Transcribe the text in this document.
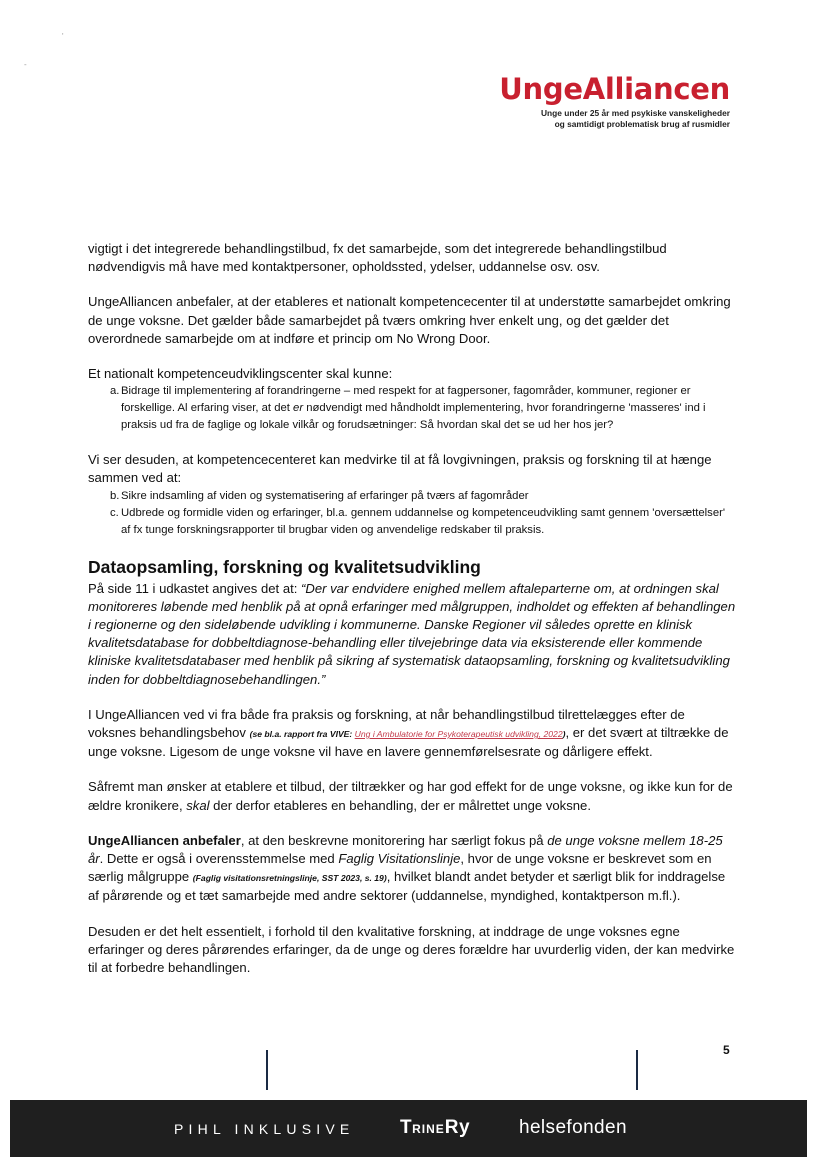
'
-
UngeAlliancen
Unge under 25 år med psykiske vanskeligheder
og samtidigt problematisk brug af rusmidler

vigtigt i det integrerede behandlingstilbud, fx det samarbejde, som det integrerede behandlingstilbud nødvendigvis må have med kontaktpersoner, opholdssted, ydelser, uddannelse osv. osv.

UngeAlliancen anbefaler, at der etableres et nationalt kompetencecenter til at understøtte samarbejdet omkring de unge voksne. Det gælder både samarbejdet på tværs omkring hver enkelt ung, og det gælder det overordnede samarbejde om at indføre et princip om No Wrong Door.

Et nationalt kompetenceudviklingscenter skal kunne:

a. Bidrage til implementering af forandringerne – med respekt for at fagpersoner, fagområder, kommuner, regioner er forskellige. Al erfaring viser, at det er nødvendigt med håndholdt implementering, hvor forandringerne 'masseres' ind i praksis ud fra de faglige og lokale vilkår og forudsætninger: Så hvordan skal det se ud her hos jer?

Vi ser desuden, at kompetencecenteret kan medvirke til at få lovgivningen, praksis og forskning til at hænge sammen ved at:

b. Sikre indsamling af viden og systematisering af erfaringer på tværs af fagområder
c. Udbrede og formidle viden og erfaringer, bl.a. gennem uddannelse og kompetenceudvikling samt gennem 'oversættelser' af fx tunge forskningsrapporter til brugbar viden og anvendelige redskaber til praksis.
Dataopsamling, forskning og kvalitetsudvikling

På side 11 i udkastet angives det at: “Der var endvidere enighed mellem aftaleparterne om, at ordningen skal monitoreres løbende med henblik på at opnå erfaringer med målgruppen, indholdet og effekten af behandlingen i regionerne og den sideløbende udvikling i kommunerne. Danske Regioner vil således oprette en klinisk kvalitetsdatabase for dobbeltdiagnose-behandling eller tilvejebringe data via eksisterende eller kommende kliniske kvalitetsdatabaser med henblik på sikring af systematisk dataopsamling, forskning og kvalitetsudvikling inden for dobbeltdiagnosebehandlingen.”

I UngeAlliancen ved vi fra både fra praksis og forskning, at når behandlingstilbud tilrettelægges efter de voksnes behandlingsbehov (se bl.a. rapport fra VIVE: Ung i Ambulatorie for Psykoterapeutisk udvikling, 2022), er det svært at tiltrække de unge voksne. Ligesom de unge voksne vil have en lavere gennemførelsesrate og dårligere effekt.

Såfremt man ønsker at etablere et tilbud, der tiltrækker og har god effekt for de unge voksne, og ikke kun for de ældre kronikere, skal der derfor etableres en behandling, der er målrettet unge voksne.

UngeAlliancen anbefaler, at den beskrevne monitorering har særligt fokus på de unge voksne mellem 18-25 år. Dette er også i overensstemmelse med Faglig Visitationslinje, hvor de unge voksne er beskrevet som en særlig målgruppe (Faglig visitationsretningslinje, SST 2023, s. 19), hvilket blandt andet betyder et særligt blik for inddragelse af pårørende og et tæt samarbejde med andre sektorer (uddannelse, myndighed, kontaktperson m.fl.).

Desuden er det helt essentielt, i forhold til den kvalitative forskning, at inddrage de unge voksnes egne erfaringer og deres pårørendes erfaringer, da de unge og deres forældre har uvurderlig viden, der kan medvirke til at forbedre behandlingen.

5
PIHL INKLUSIVE TRINERy	helsefonden
